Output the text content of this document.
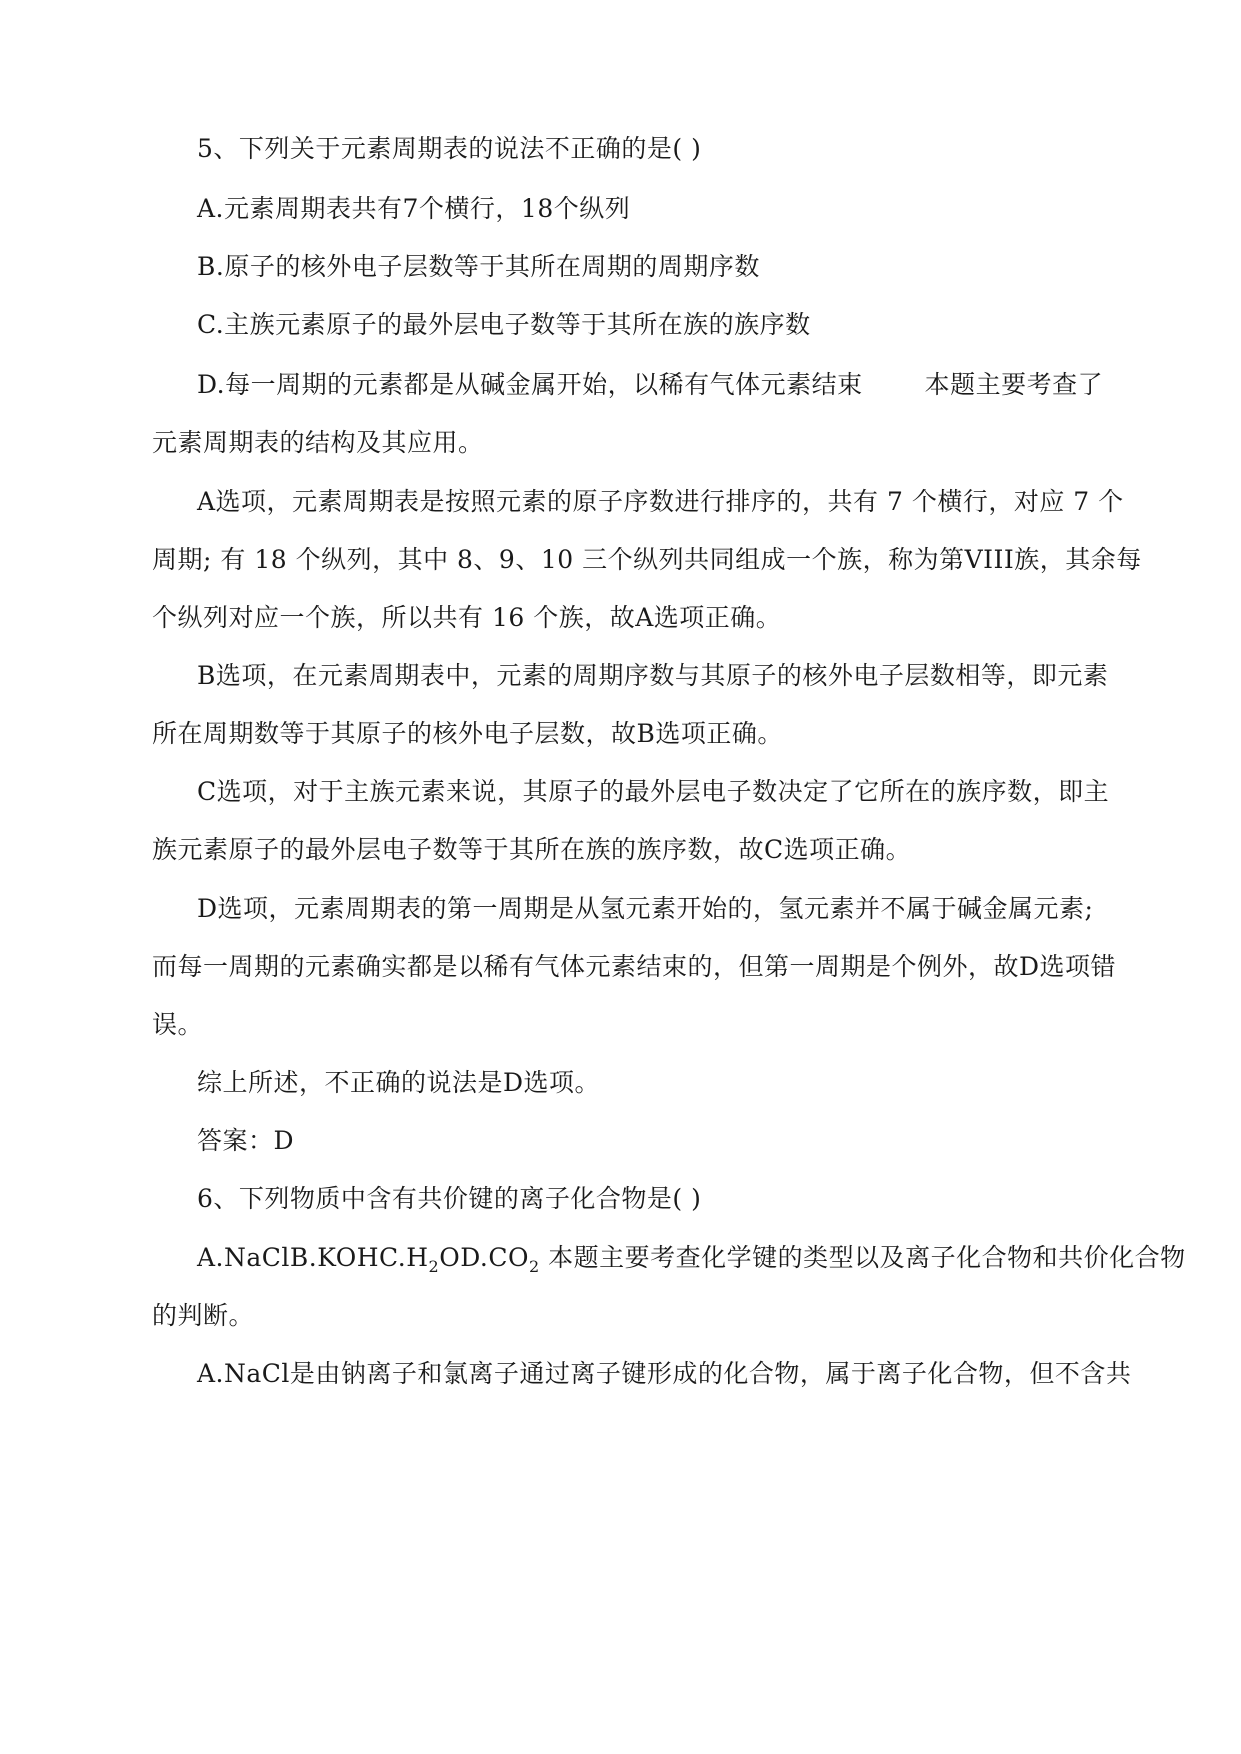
5、下列关于元素周期表的说法不正确的是( )
A.元素周期表共有7个横行，18个纵列
B.原子的核外电子层数等于其所在周期的周期序数
C.主族元素原子的最外层电子数等于其所在族的族序数
D.每一周期的元素都是从碱金属开始，以稀有气体元素结束 本题主要考查了
元素周期表的结构及其应用。
A选项，元素周期表是按照元素的原子序数进行排序的，共有 7 个横行，对应 7 个
周期; 有 18 个纵列，其中 8、9、10 三个纵列共同组成一个族，称为第VIII族，其余每
个纵列对应一个族，所以共有 16 个族，故A选项正确。
B选项，在元素周期表中，元素的周期序数与其原子的核外电子层数相等，即元素
所在周期数等于其原子的核外电子层数，故B选项正确。
C选项，对于主族元素来说，其原子的最外层电子数决定了它所在的族序数，即主
族元素原子的最外层电子数等于其所在族的族序数，故C选项正确。
D选项，元素周期表的第一周期是从氢元素开始的，氢元素并不属于碱金属元素;
而每一周期的元素确实都是以稀有气体元素结束的，但第一周期是个例外，故D选项错
误。
综上所述，不正确的说法是D选项。
答案：D
6、下列物质中含有共价键的离子化合物是( )
$A.NaClB.KOHC.H_2OD.CO_2$ 本题主要考查化学键的类型以及离子化合物和共价化合物
的判断。
A.NaCl是由钠离子和氯离子通过离子键形成的化合物，属于离子化合物，但不含共
